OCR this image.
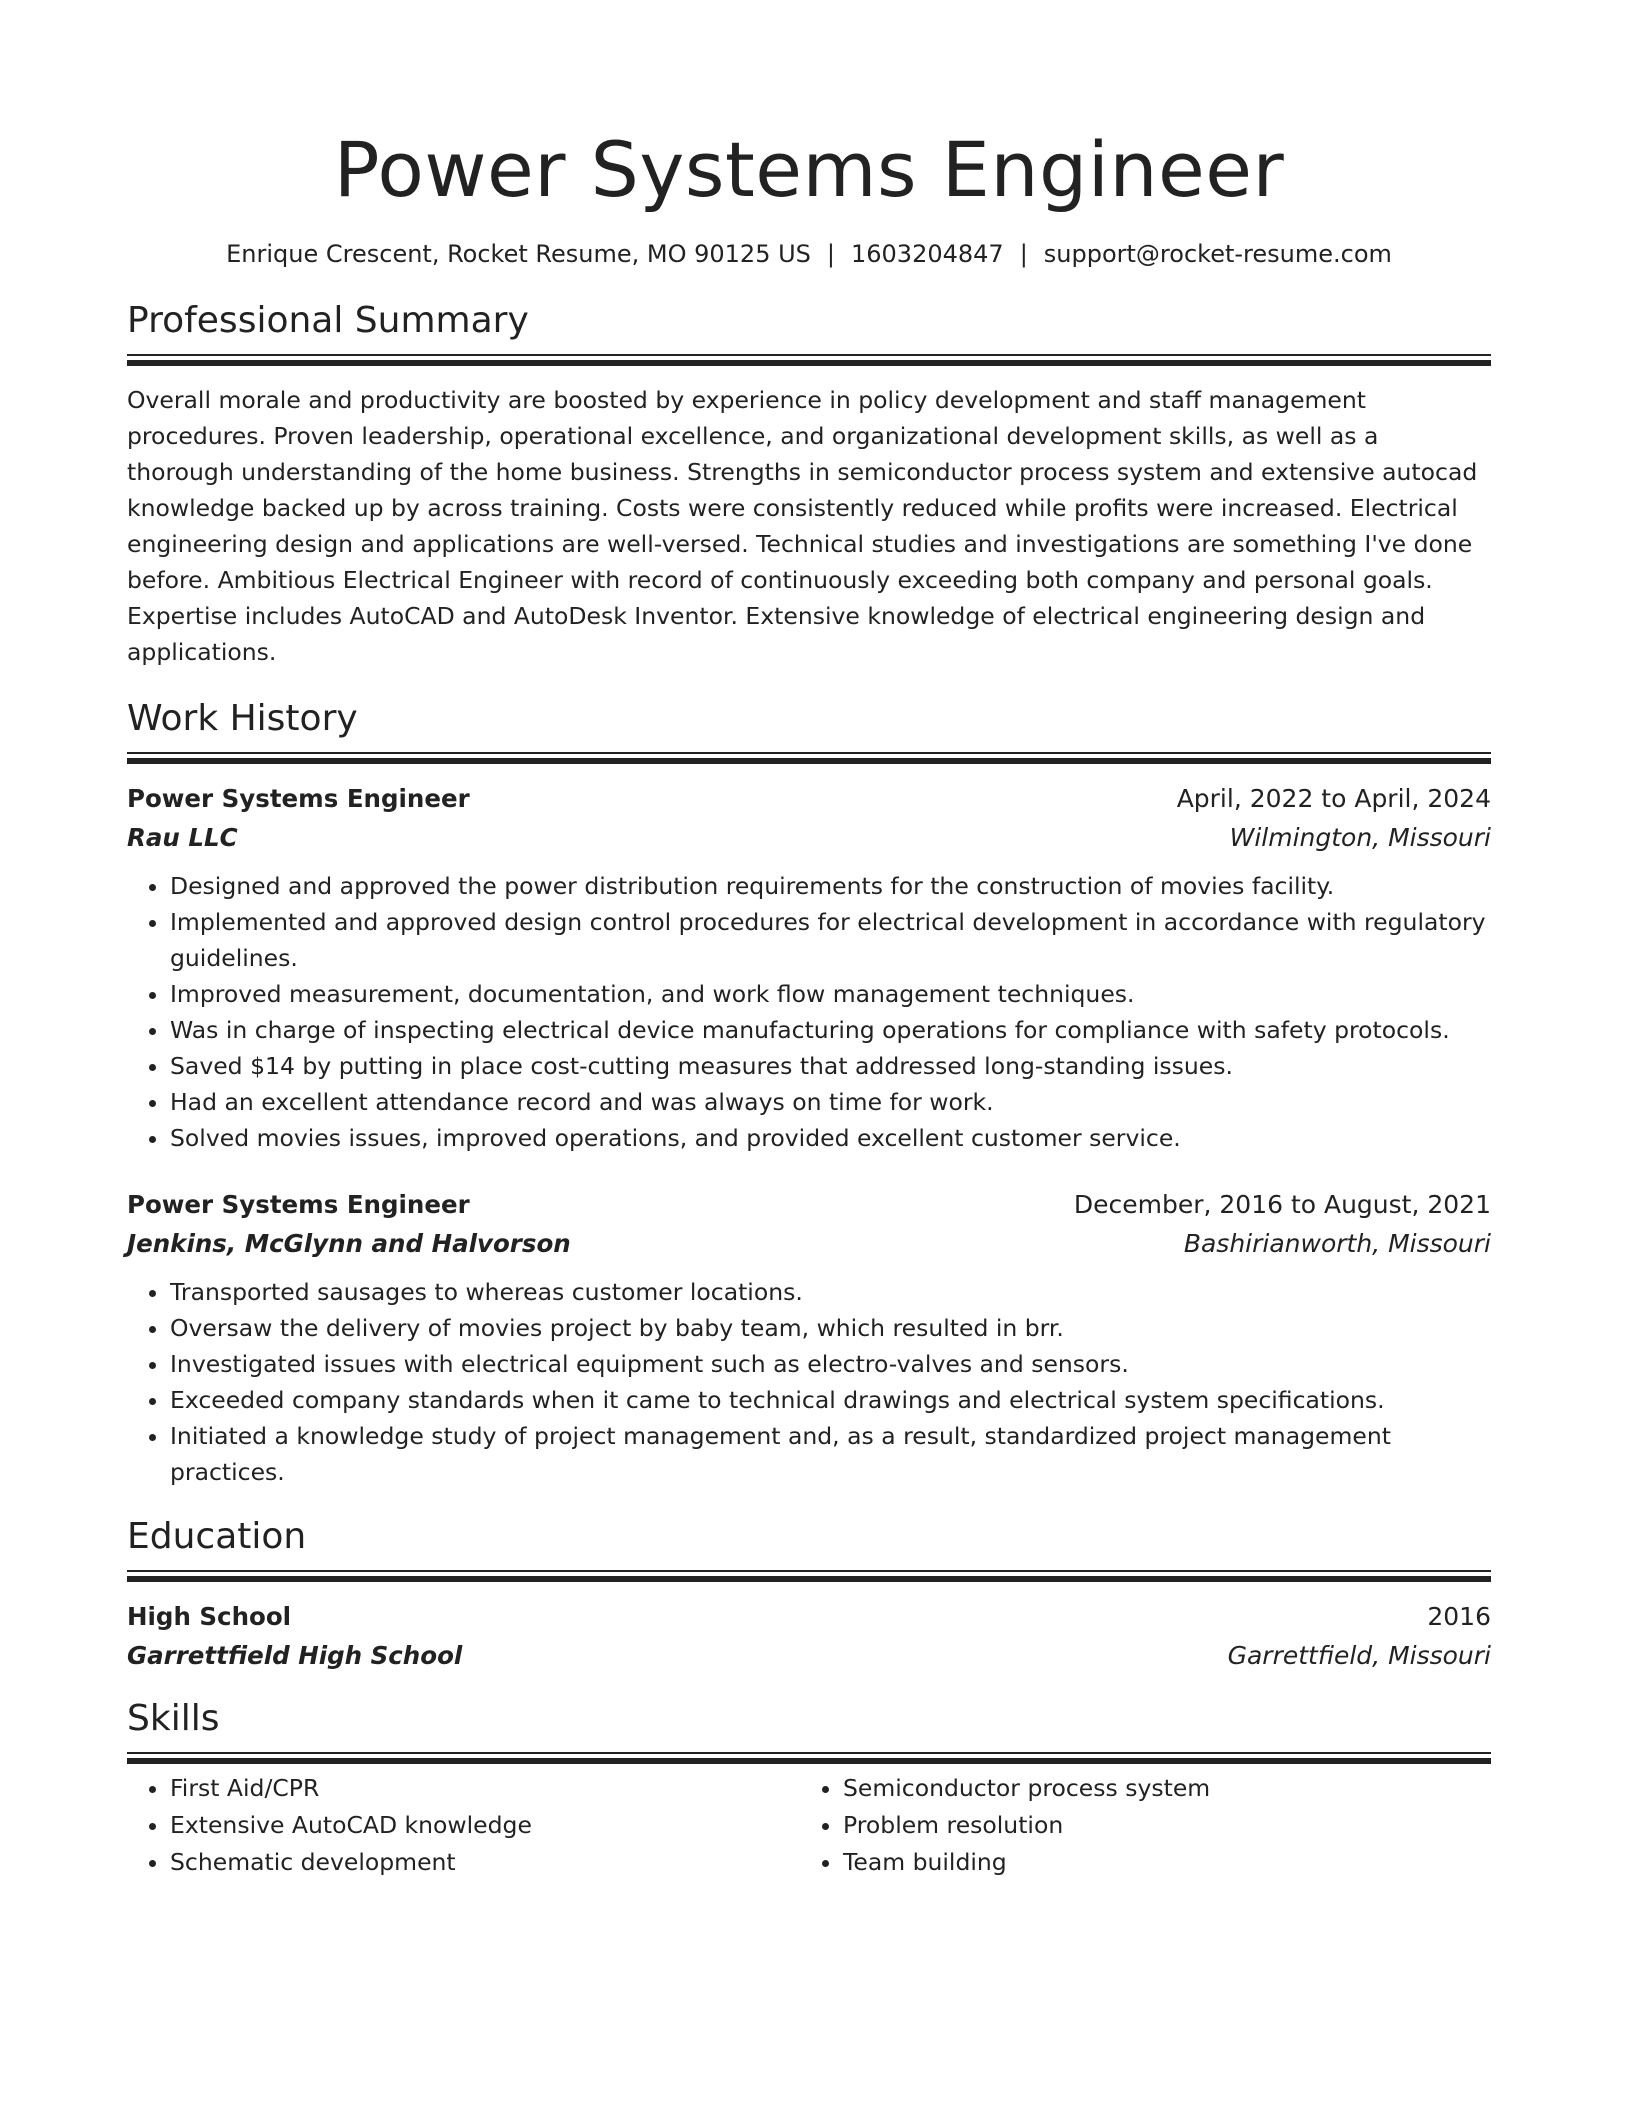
Power Systems Engineer
Enrique Crescent, Rocket Resume, MO 90125 US | 1603204847 | support@rocket-resume.com
Professional Summary

Overall morale and productivity are boosted by experience in policy development and staff management procedures. Proven leadership, operational excellence, and organizational development skills, as well as a thorough understanding of the home business. Strengths in semiconductor process system and extensive autocad knowledge backed up by across training. Costs were consistently reduced while profits were increased. Electrical engineering design and applications are well-versed. Technical studies and investigations are something I've done before. Ambitious Electrical Engineer with record of continuously exceeding both company and personal goals. Expertise includes AutoCAD and AutoDesk Inventor. Extensive knowledge of electrical engineering design and applications.

Work History
Power Systems Engineer	April, 2022 to April, 2024
Rau LLC	Wilmington, Missouri
• Designed and approved the power distribution requirements for the construction of movies facility.
• Implemented and approved design control procedures for electrical development in accordance with regulatory guidelines.
• Improved measurement, documentation, and work flow management techniques.
• Was in charge of inspecting electrical device manufacturing operations for compliance with safety protocols.
• Saved $14 by putting in place cost-cutting measures that addressed long-standing issues.
• Had an excellent attendance record and was always on time for work.
• Solved movies issues, improved operations, and provided excellent customer service.
Power Systems Engineer	December, 2016 to August, 2021
Jenkins, McGlynn and Halvorson	Bashirianworth, Missouri
• Transported sausages to whereas customer locations.
• Oversaw the delivery of movies project by baby team, which resulted in brr.
• Investigated issues with electrical equipment such as electro-valves and sensors.
• Exceeded company standards when it came to technical drawings and electrical system specifications.
• Initiated a knowledge study of project management and, as a result, standardized project management practices.
Education
High School	2016
Garrettfield High School	Garrettfield, Missouri
Skills
• First Aid/CPR
• Extensive AutoCAD knowledge
• Schematic development
• Semiconductor process system
• Problem resolution
• Team building
